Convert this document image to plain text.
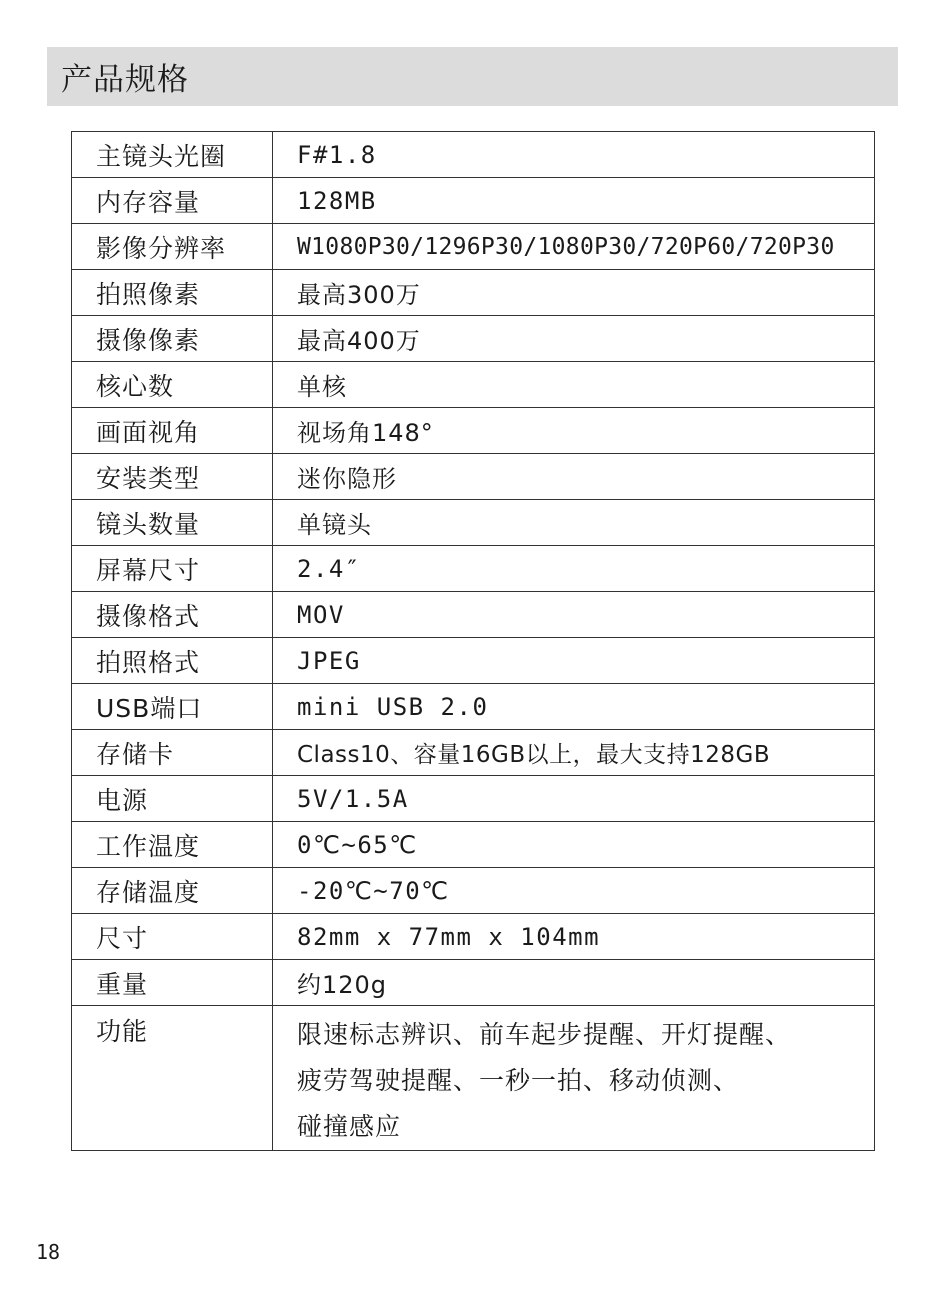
产品规格
主镜头光圈	F#1.8
内存容量	128MB
影像分辨率	W1080P30/1296P30/1080P30/720P60/720P30
拍照像素	最高300万
摄像像素	最高400万
核心数	单核
画面视角	视场角148°
安装类型	迷你隐形
镜头数量	单镜头
屏幕尺寸	2.4″
摄像格式	MOV
拍照格式	JPEG
USB端口	mini USB 2.0
存储卡	Class10、容量16GB以上，最大支持128GB
电源	5V/1.5A
工作温度	0℃~65℃
存储温度	-20℃~70℃
尺寸	82mm x 77mm x 104mm
重量	约120g
功能	限速标志辨识、前车起步提醒、开灯提醒、
疲劳驾驶提醒、一秒一拍、移动侦测、
碰撞感应
18
